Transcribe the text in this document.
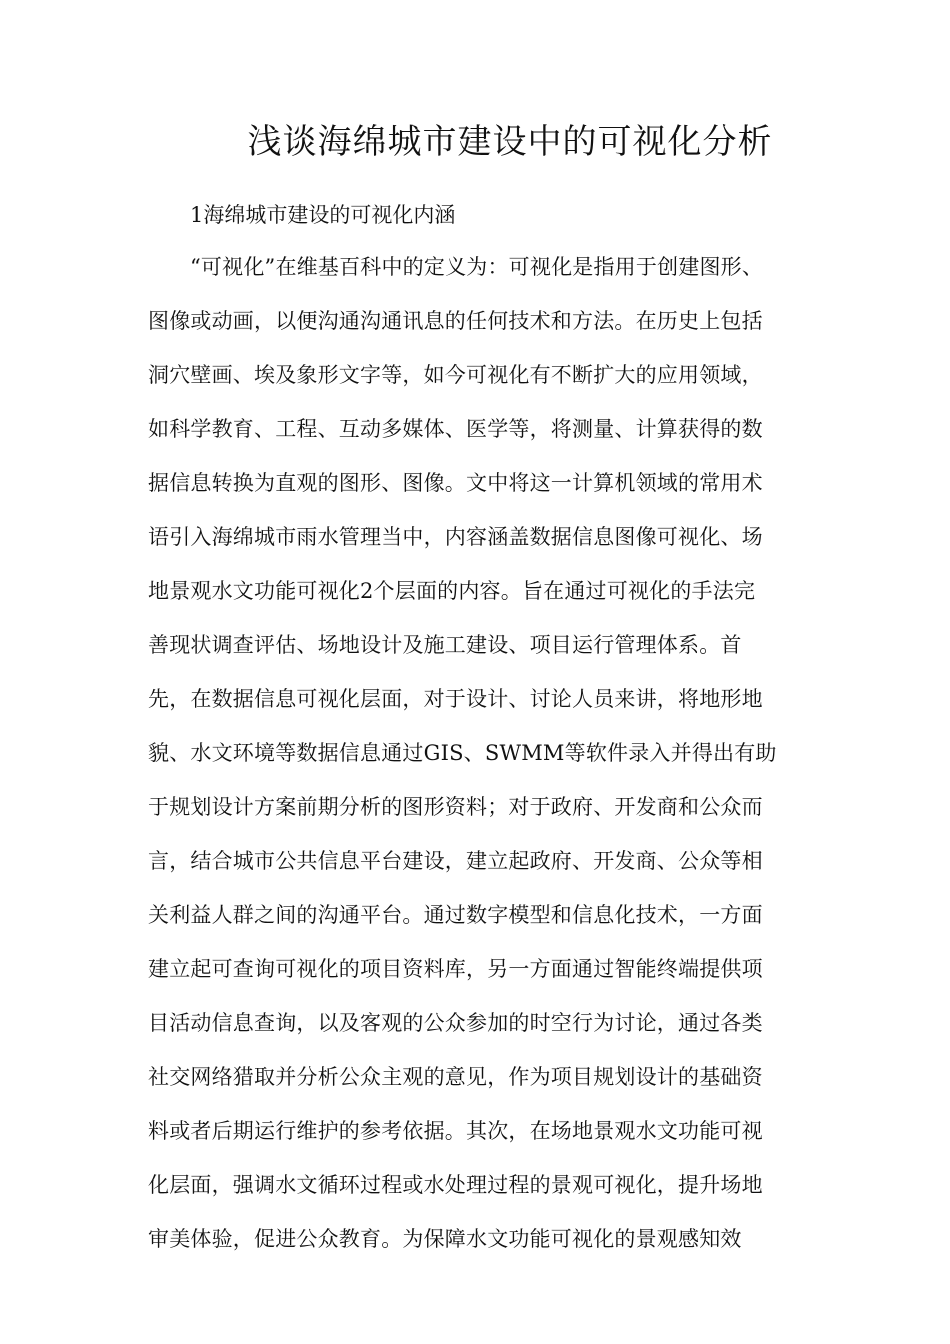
浅谈海绵城市建设中的可视化分析
1海绵城市建设的可视化内涵
“可视化”在维基百科中的定义为：可视化是指用于创建图形、
图像或动画，以便沟通沟通讯息的任何技术和方法。在历史上包括
洞穴壁画、埃及象形文字等，如今可视化有不断扩大的应用领域，
如科学教育、工程、互动多媒体、医学等，将测量、计算获得的数
据信息转换为直观的图形、图像。文中将这一计算机领域的常用术
语引入海绵城市雨水管理当中，内容涵盖数据信息图像可视化、场
地景观水文功能可视化2个层面的内容。旨在通过可视化的手法完
善现状调查评估、场地设计及施工建设、项目运行管理体系。首
先，在数据信息可视化层面，对于设计、讨论人员来讲，将地形地
貌、水文环境等数据信息通过GIS、SWMM等软件录入并得出有助
于规划设计方案前期分析的图形资料；对于政府、开发商和公众而
言，结合城市公共信息平台建设，建立起政府、开发商、公众等相
关利益人群之间的沟通平台。通过数字模型和信息化技术，一方面
建立起可查询可视化的项目资料库，另一方面通过智能终端提供项
目活动信息查询，以及客观的公众参加的时空行为讨论，通过各类
社交网络猎取并分析公众主观的意见，作为项目规划设计的基础资
料或者后期运行维护的参考依据。其次，在场地景观水文功能可视
化层面，强调水文循环过程或水处理过程的景观可视化，提升场地
审美体验，促进公众教育。为保障水文功能可视化的景观感知效
